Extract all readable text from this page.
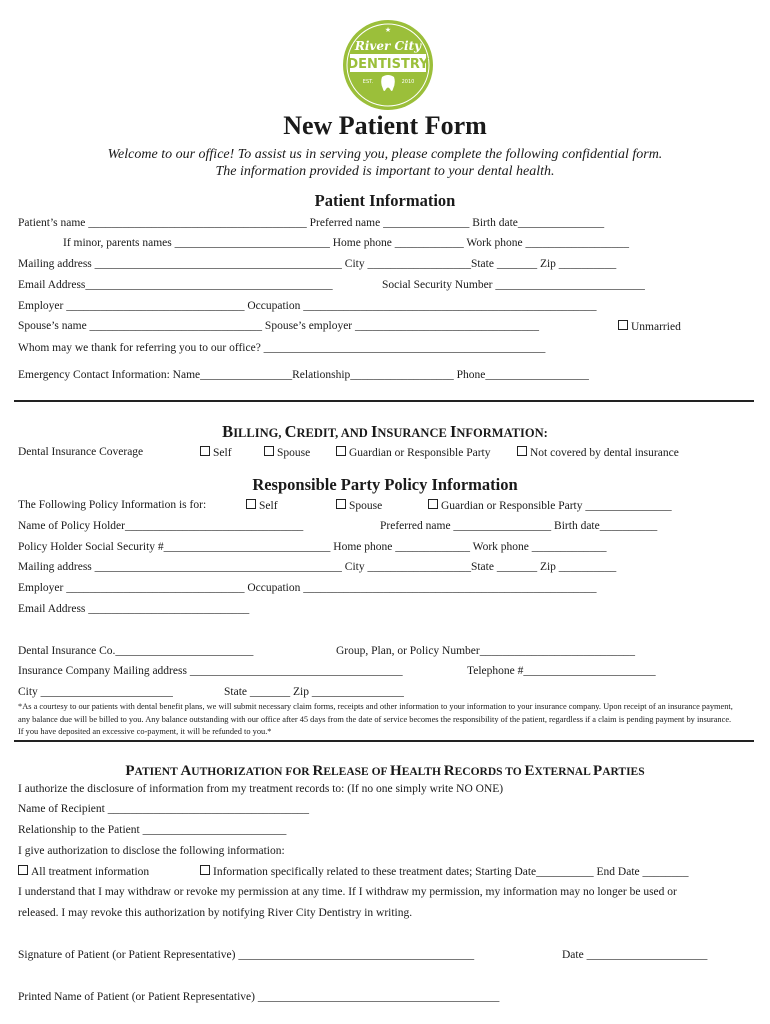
★
River City
DENTISTRY
EST.	2010
New Patient Form
Welcome to our office! To assist us in serving you, please complete the following confidential form.
The information provided is important to your dental health.
Patient Information
Patient’s name ______________________________________ Preferred name _______________ Birth date_______________
If minor, parents names ___________________________ Home phone ____________ Work phone __________________
Mailing address ___________________________________________ City __________________State _______ Zip __________
Email Address___________________________________________	Social Security Number __________________________
Employer _______________________________ Occupation ___________________________________________________
Spouse’s name ______________________________ Spouse’s employer ________________________________	Unmarried
Whom may we thank for referring you to our office? _________________________________________________
Emergency Contact Information: Name________________Relationship__________________ Phone__________________
BILLING, CREDIT, AND INSURANCE INFORMATION:
Dental Insurance Coverage	Self	Spouse	Guardian or Responsible Party	Not covered by dental insurance
Responsible Party Policy Information
The Following Policy Information is for:	Self	Spouse	Guardian or Responsible Party _______________
Name of Policy Holder_______________________________	Preferred name _________________ Birth date__________
Policy Holder Social Security #_____________________________ Home phone _____________ Work phone _____________
Mailing address ___________________________________________ City __________________State _______ Zip __________
Employer _______________________________ Occupation ___________________________________________________
Email Address ____________________________
Dental Insurance Co.________________________	Group, Plan, or Policy Number___________________________
Insurance Company Mailing address _____________________________________	Telephone #_______________________
City _______________________	State _______ Zip ________________
*As a courtesy to our patients with dental benefit plans, we will submit necessary claim forms, receipts and other information to your information to your insurance company. Upon receipt of an insurance payment, any balance due will be billed to you. Any balance outstanding with our office after 45 days from the date of service becomes the responsibility of the patient, regardless if a claim is pending payment by insurance. If you have deposited an excessive co-payment, it will be refunded to you.*
PATIENT AUTHORIZATION FOR RELEASE OF HEALTH RECORDS TO EXTERNAL PARTIES
I authorize the disclosure of information from my treatment records to: (If no one simply write NO ONE)
Name of Recipient ___________________________________
Relationship to the Patient _________________________
I give authorization to disclose the following information:
All treatment information	Information specifically related to these treatment dates; Starting Date__________ End Date ________
I understand that I may withdraw or revoke my permission at any time. If I withdraw my permission, my information may no longer be used or
released. I may revoke this authorization by notifying River City Dentistry in writing.
Signature of Patient (or Patient Representative) _________________________________________	Date _____________________
Printed Name of Patient (or Patient Representative) __________________________________________
